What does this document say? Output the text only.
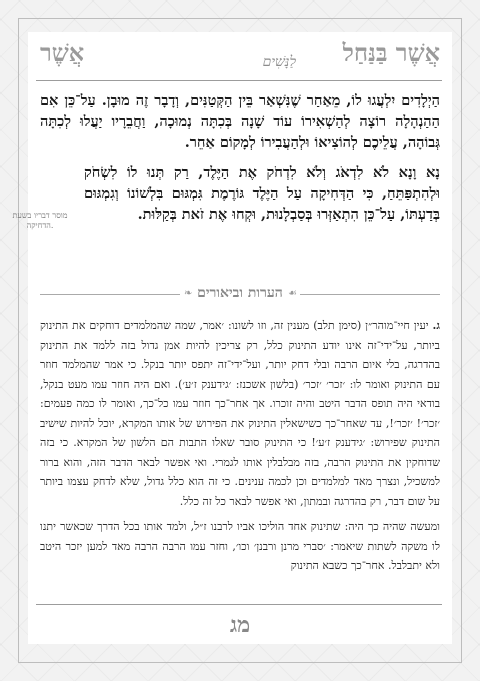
אֲשֶׁר בַּנַּחַל
לַנָּשִׁים
אֲשֶׁר

הַיְלָדִים יִלְעֲגוּ לוֹ, מֵאַחַר שֶׁנִּשְׁאַר בֵּין הַקְּטַנִּים, וְדָבָר זֶה מוּבָן. עַל־כֵּן אִם הַהַנְהָלָה רוֹצָה לְהַשְׁאִירוֹ עוֹד שָׁנָה בְּכִתָּה נְמוּכָה, וַחֲבֵרָיו יַעֲלוּ לְכִתָּה גְּבוֹהָה, עֲלֵיכֶם לְהוֹצִיאוֹ וּלְהַעֲבִירוֹ לְמָקוֹם אַחֵר.

נָא וָנָא לֹא לִדְאֹג וְלֹא לִדְחֹק אֶת הַיֶּלֶד, רַק תְּנוּ לוֹ לִשְׂחֹק וּלְהִתְפַּתֵּחַ, כִּי הַדְּחִיקָה עַל הַיֶּלֶד גּוֹרֶמֶת גִּמְגּוּם בִּלְשׁוֹנוֹ וְגִמְגּוּם בְּדַעְתּוֹ, עַל־כֵּן הִתְאַזְּרוּ בְּסַבְלָנוּת, וּקְחוּ אֶת זֹאת בְּקַלּוּת.

מוסר דבריו בשעת הדחיקה.
❧ הערות וביאורים ☙

ג. יעין חיי־מוהר״ן (סימן תלב) מענין זה, וזו לשונו: ׳אמר, שמה שהמלמדים דוחקים את התינוק ביותר, על־ידי־זה אינו יודע התינוק כלל, רק צריכין להיות אמן גדול בזה ללמד את התינוק בהדרגה, בלי איום הרבה ובלי דחק יותר, ועל־ידי־זה יתפס יותר בנקל. כי אמר שהמלמד חוזר עם התינוק ואומר לו: ׳זכר׳ ׳זכר׳ (בלשון אשכנז: ׳גידענק ז׳ע׳). ואם היה חוזר עמו מעט בנקל, בודאי היה תופס הדבר היטב והיה זוכרו. אך אחר־כך חוזר עמו כל־כך, ואומר לו כמה פעמים: ׳זכר׳! ׳זכר׳!, עד שאחר־כך כשישאלין התינוק את הפירוש של אותו המקרא, יוכל להיות שישיב התינוק שפירוש: ׳גידענק ז׳ע׳! כי התינוק סובר שאלו התבות הם הלשון של המקרא. כי בזה שדוחקין את התינוק הרבה, בזה מבלבלין אותו לגמרי. ואי אפשר לבאר הדבר הזה, והוא ברור למשכיל, ונצרך מאד למלמדים וכן לכמה ענינים. כי זה הוא כלל גדול, שלא לדחק עצמו ביותר על שום דבר, רק בהדרגה ובמתון, ואי אפשר לבאר כל זה כלל.

ומעשה שהיה כך היה: שתינוק אחד הוליכו אביו לרבנו ז״ל, ולמד אותו בכל הדרך שכאשר יתנו לו משקה לשתות שיאמר: ׳סברי מרנן ורבנן׳ וכו׳, וחזר עמו הרבה הרבה מאד למען יזכר היטב ולא יתבלבל. אחר־כך כשבא התינוק

מג
